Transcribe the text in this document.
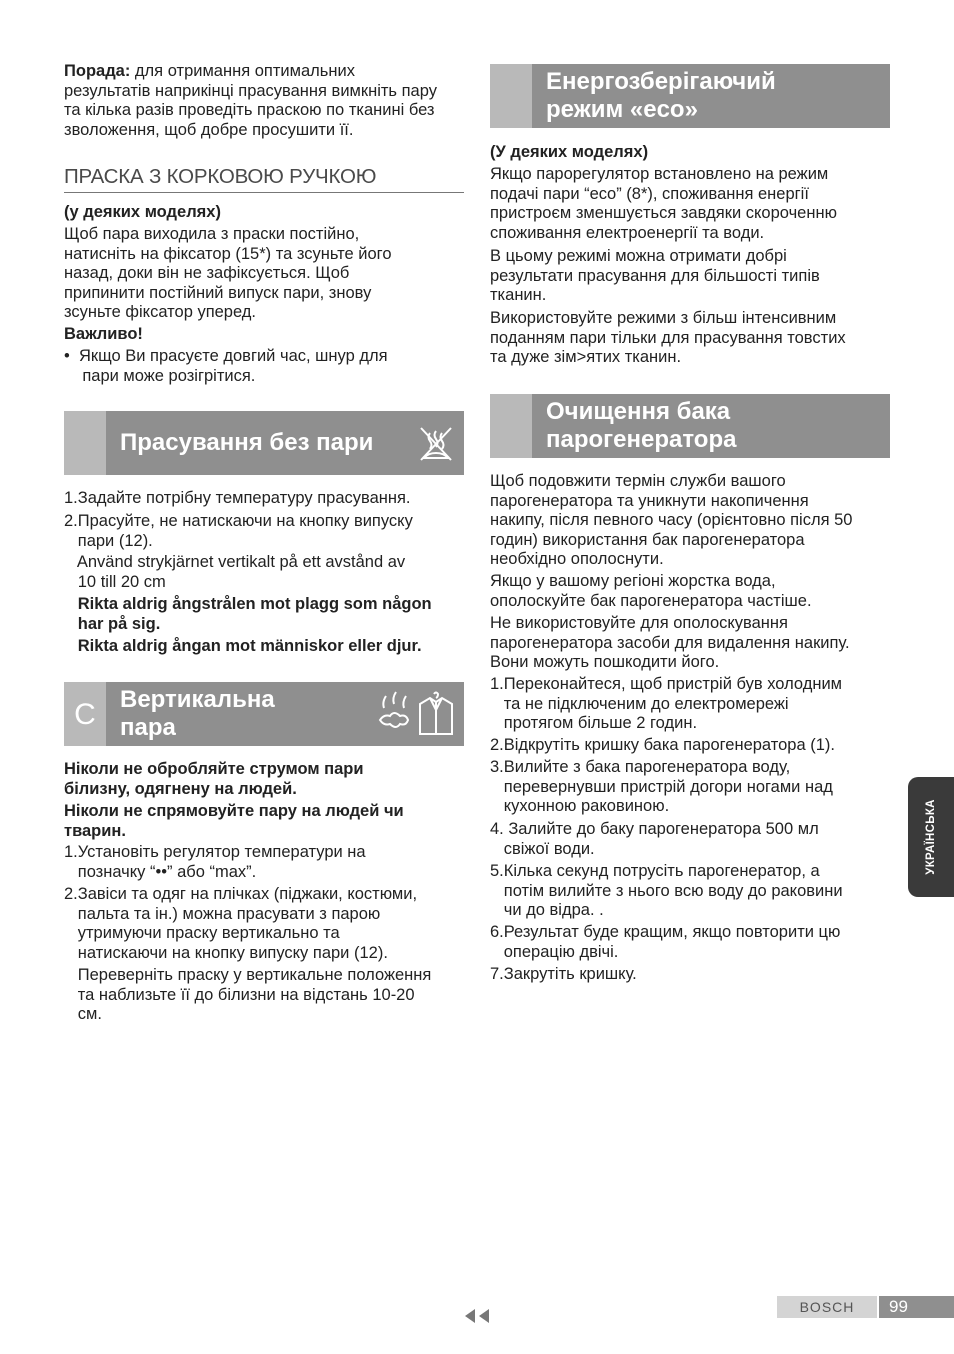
Порада: для отримання оптимальних
результатів наприкінці прасування вимкніть пару
та кілька разів проведіть праскою по тканині без
зволоження, щоб добре просушити її.
ПРАСКА З КОРКОВОЮ РУЧКОЮ
(у деяких моделях)
Щоб пара виходила з праски постійно,
натисніть на фіксатор (15*) та зсуньте його
назад, доки він не зафіксується. Щоб
припинити постійний випуск пари, знову
зсуньте фіксатор уперед.
Важливо!
•  Якщо Ви прасуєте довгий час, шнур для
пари може розігрітися.
Прасування без пари
1.Задайте потрібну температуру прасування.
2.Прасуйте, не натискаючи на кнопку випуску
пари (12).
Använd strykjärnet vertikalt på ett avstånd av
10 till 20 cm
Rikta aldrig ångstrålen mot plagg som någon
har på sig.
Rikta aldrig ångan mot människor eller djur.
C	Вертикальна
пара
Ніколи не обробляйте струмом пари
білизну, одягнену на людей.
Ніколи не спрямовуйте пару на людей чи
тварин.
1.Установіть регулятор температури на
позначку “••” або “max”.
2.Завіси та одяг на плічках (піджаки, костюми,
пальта та ін.) можна прасувати з парою
утримуючи праску вертикально та
натискаючи на кнопку випуску пари (12).
Переверніть праску у вертикальне положення
та наблизьте її до білизни на відстань 10-20
см.
Енергозберігаючий
режим «eco»
(У деяких моделях)
Якщо парорегулятор встановлено на режим
подачі пари “eco” (8*), споживання енергії
пристроєм зменшується завдяки скороченню
споживання електроенергії та води.
В цьому режимі можна отримати добрі
результати прасування для більшості типів
тканин.
Використовуйте режими з більш інтенсивним
поданням пари тільки для прасування товстих
та дуже зім>ятих тканин.
Очищення бака
парогенератора
Щоб подовжити термін служби вашого
парогенератора та уникнути накопичення
накипу, після певного часу (орієнтовно після 50
годин) використання бак парогенератора
необхідно ополоснути.
Якщо у вашому регіоні жорстка вода,
ополоскуйте бак парогенератора частіше.
Не використовуйте для ополоскування
парогенератора засоби для видалення накипу.
Вони можуть пошкодити його.
1.Переконайтеся, щоб пристрій був холодним
та не підключеним до електромережі
протягом більше 2 годин.
2.Відкрутіть кришку бака парогенератора (1).
3.Вилийте з бака парогенератора воду,
перевернувши пристрій догори ногами над
кухонною раковиною.
4. Залийте до баку парогенератора 500 мл
свіжої води.
5.Кілька секунд потрусіть парогенератор, а
потім вилийте з нього всю воду до раковини
чи до відра. .
6.Результат буде кращим, якщо повторити цю
операцію двічі.
7.Закрутіть кришку.
УКРАЇНСЬКА
BOSCH	99
